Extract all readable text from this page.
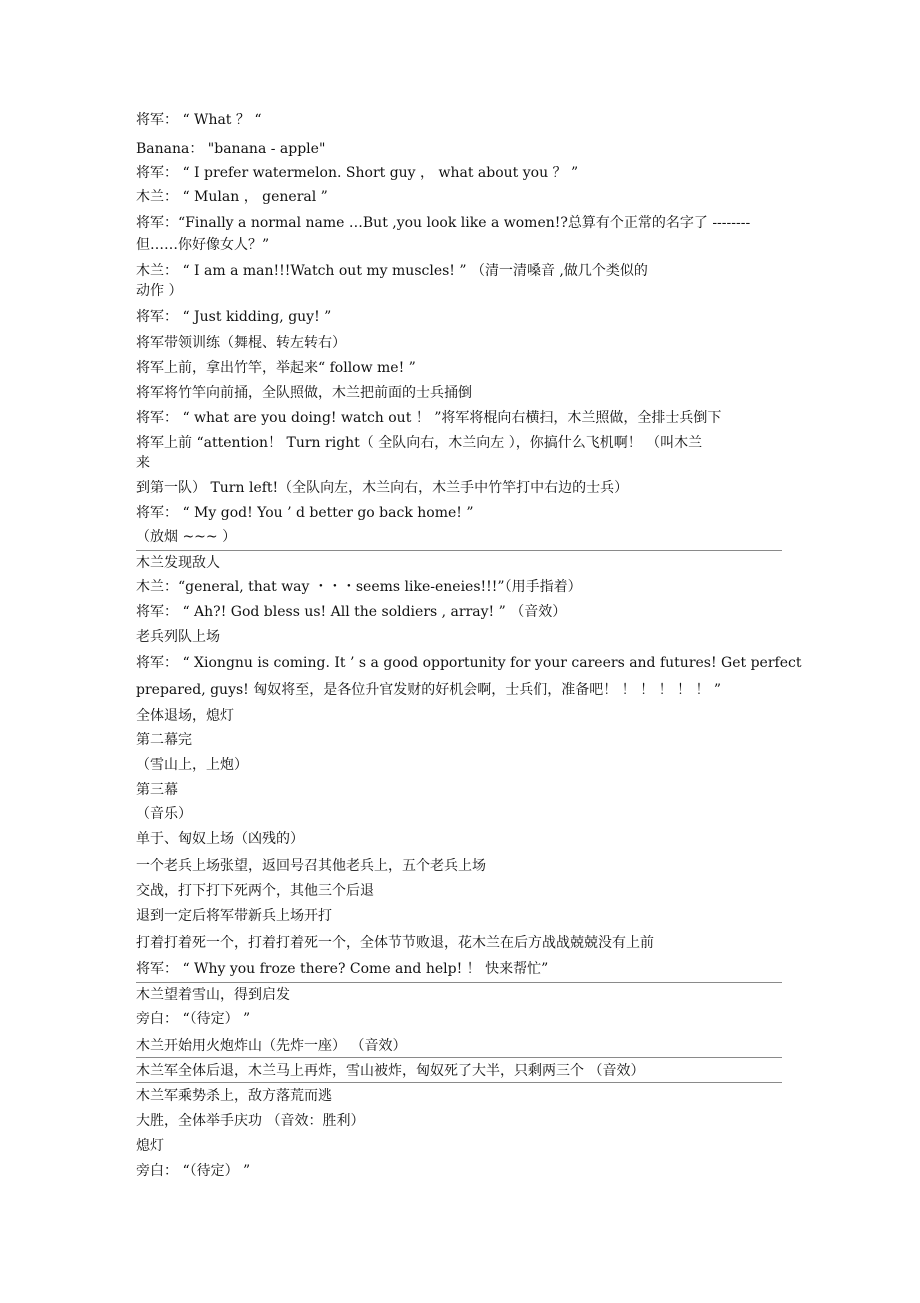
将军： “ What ？ “
Banana： "banana - apple"
将军： “ I prefer watermelon. Short guy ， what about you ？ ”
木兰： “ Mulan ， general ”
将军：“Finally a normal name …But ,you look like a women!?总算有个正常的名字了 --------
但……你好像女人？”
木兰： “ I am a man!!!Watch out my muscles! ” （清一清嗓音 ,做几个类似的
动作 ）
将军： “ Just kidding, guy! ”
将军带领训练（舞棍、转左转右）
将军上前，拿出竹竿，举起来“ follow me! ”
将军将竹竿向前捅，全队照做，木兰把前面的士兵捅倒
将军： “ what are you doing! watch out ！ ”将军将棍向右横扫，木兰照做，全排士兵倒下
将军上前 “attention！ Turn right（ 全队向右，木兰向左 ），你搞什么飞机啊！ （叫木兰
来
到第一队） Turn left!（全队向左，木兰向右，木兰手中竹竿打中右边的士兵）
将军： “ My god! You ’ d better go back home! ”
（放烟 ~~~ ）
木兰发现敌人
木兰：“general, that way ・・・seems like-eneies!!!”（用手指着）
将军： “ Ah?! God bless us! All the soldiers , array! ” （音效）
老兵列队上场
将军： “ Xiongnu is coming. It ’ s a good opportunity for your careers and futures! Get perfect
prepared, guys! 匈奴将至，是各位升官发财的好机会啊，士兵们，准备吧！ ！ ！ ！ ！ ！ ”
全体退场，熄灯
第二幕完
（雪山上，上炮）
第三幕
（音乐）
单于、匈奴上场（凶残的）
一个老兵上场张望，返回号召其他老兵上，五个老兵上场
交战，打下打下死两个，其他三个后退
退到一定后将军带新兵上场开打
打着打着死一个，打着打着死一个，全体节节败退，花木兰在后方战战兢兢没有上前
将军： “ Why you froze there? Come and help! ！ 快来帮忙”
木兰望着雪山，得到启发
旁白： “（待定） ”
木兰开始用火炮炸山（先炸一座） （音效）
木兰军全体后退，木兰马上再炸，雪山被炸，匈奴死了大半，只剩两三个 （音效）
木兰军乘势杀上，敌方落荒而逃
大胜，全体举手庆功 （音效：胜利）
熄灯
旁白： “（待定） ”
